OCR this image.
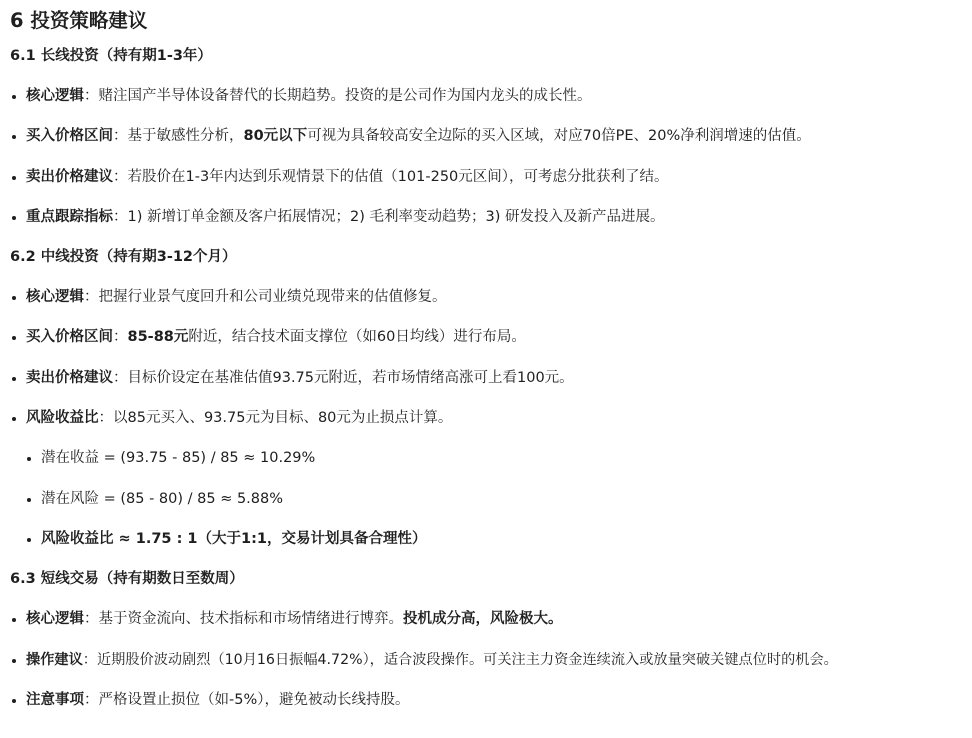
6 投资策略建议
6.1 长线投资（持有期1-3年）
核心逻辑：赌注国产半导体设备替代的长期趋势。投资的是公司作为国内龙头的成长性。
买入价格区间：基于敏感性分析，80元以下可视为具备较高安全边际的买入区域，对应70倍PE、20%净利润增速的估值。
卖出价格建议：若股价在1-3年内达到乐观情景下的估值（101-250元区间），可考虑分批获利了结。
重点跟踪指标：1) 新增订单金额及客户拓展情况；2) 毛利率变动趋势；3) 研发投入及新产品进展。
6.2 中线投资（持有期3-12个月）
核心逻辑：把握行业景气度回升和公司业绩兑现带来的估值修复。
买入价格区间：85-88元附近，结合技术面支撑位（如60日均线）进行布局。
卖出价格建议：目标价设定在基准估值93.75元附近，若市场情绪高涨可上看100元。
风险收益比：以85元买入、93.75元为目标、80元为止损点计算。
潜在收益 = (93.75 - 85) / 85 ≈ 10.29%
潜在风险 = (85 - 80) / 85 ≈ 5.88%
风险收益比 ≈ 1.75 : 1（大于1:1，交易计划具备合理性）
6.3 短线交易（持有期数日至数周）
核心逻辑：基于资金流向、技术指标和市场情绪进行博弈。投机成分高，风险极大。
操作建议：近期股价波动剧烈（10月16日振幅4.72%），适合波段操作。可关注主力资金连续流入或放量突破关键点位时的机会。
注意事项：严格设置止损位（如-5%），避免被动长线持股。
